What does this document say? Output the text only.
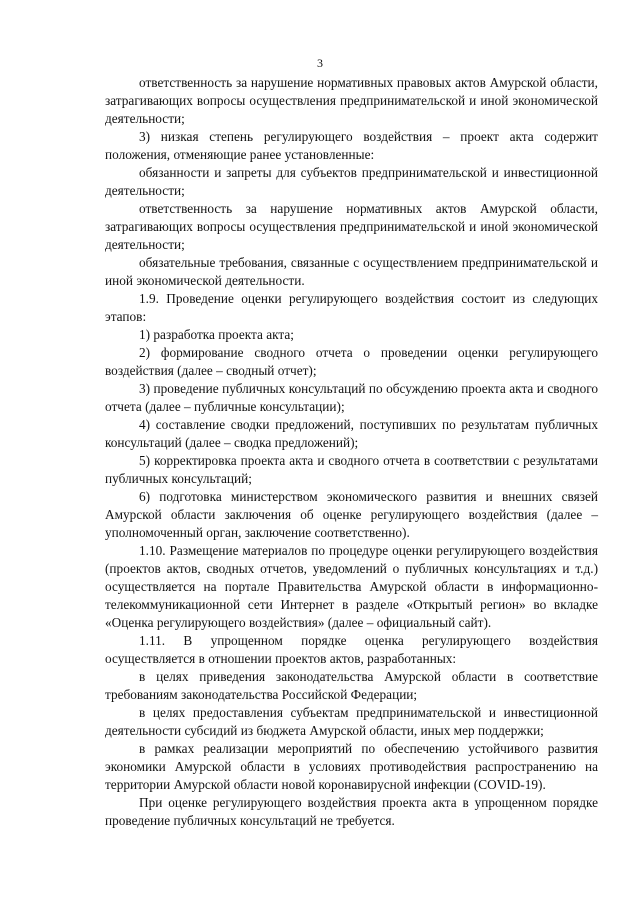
3

ответственность за нарушение нормативных правовых актов Амурской области, затрагивающих вопросы осуществления предпринимательской и иной экономической деятельности;

3) низкая степень регулирующего воздействия – проект акта содержит положения, отменяющие ранее установленные:

обязанности и запреты для субъектов предпринимательской и инвестиционной деятельности;

ответственность за нарушение нормативных актов Амурской области, затрагивающих вопросы осуществления предпринимательской и иной экономической деятельности;

обязательные требования, связанные с осуществлением предпринимательской и иной экономической деятельности.

1.9. Проведение оценки регулирующего воздействия состоит из следующих этапов:

1) разработка проекта акта;

2) формирование сводного отчета о проведении оценки регулирующего воздействия (далее – сводный отчет);

3) проведение публичных консультаций по обсуждению проекта акта и сводного отчета (далее – публичные консультации);

4) составление сводки предложений, поступивших по результатам публичных консультаций (далее – сводка предложений);

5) корректировка проекта акта и сводного отчета в соответствии с результатами публичных консультаций;

6) подготовка министерством экономического развития и внешних связей Амурской области заключения об оценке регулирующего воздействия (далее – уполномоченный орган, заключение соответственно).

1.10. Размещение материалов по процедуре оценки регулирующего воздействия (проектов актов, сводных отчетов, уведомлений о публичных консультациях и т.д.) осуществляется на портале Правительства Амурской области в информационно-телекоммуникационной сети Интернет в разделе «Открытый регион» во вкладке «Оценка регулирующего воздействия» (далее – официальный сайт).

1.11. В упрощенном порядке оценка регулирующего воздействия осуществляется в отношении проектов актов, разработанных:

в целях приведения законодательства Амурской области в соответствие требованиям законодательства Российской Федерации;

в целях предоставления субъектам предпринимательской и инвестиционной деятельности субсидий из бюджета Амурской области, иных мер поддержки;

в рамках реализации мероприятий по обеспечению устойчивого развития экономики Амурской области в условиях противодействия распространению на территории Амурской области новой коронавирусной инфекции (COVID-19).

При оценке регулирующего воздействия проекта акта в упрощенном порядке проведение публичных консультаций не требуется.
